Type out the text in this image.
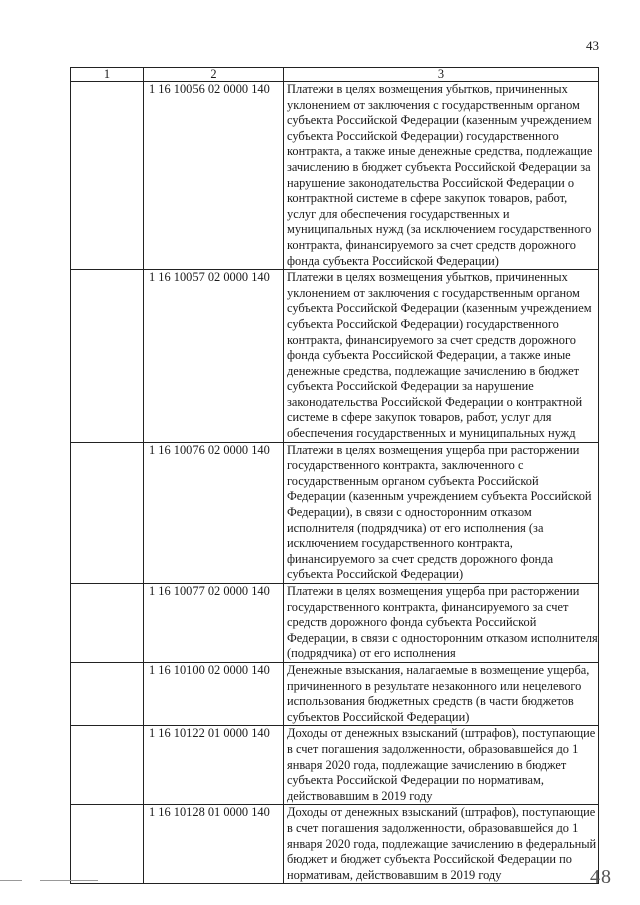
43
1	2	3
	1 16 10056 02 0000 140	Платежи в целях возмещения убытков, причиненных уклонением от заключения с государственным органом субъекта Российской Федерации (казенным учреждением субъекта Российской Федерации) государственного контракта, а также иные денежные средства, подлежащие зачислению в бюджет субъекта Российской Федерации за нарушение законодательства Российской Федерации о контрактной системе в сфере закупок товаров, работ, услуг для обеспечения государственных и муниципальных нужд (за исключением государственного контракта, финансируемого за счет средств дорожного фонда субъекта Российской Федерации)
	1 16 10057 02 0000 140	Платежи в целях возмещения убытков, причиненных уклонением от заключения с государственным органом субъекта Российской Федерации (казенным учреждением субъекта Российской Федерации) государственного контракта, финансируемого за счет средств дорожного фонда субъекта Российской Федерации, а также иные денежные средства, подлежащие зачислению в бюджет субъекта Российской Федерации за нарушение законодательства Российской Федерации о контрактной системе в сфере закупок товаров, работ, услуг для обеспечения государственных и муниципальных нужд
	1 16 10076 02 0000 140	Платежи в целях возмещения ущерба при расторжении государственного контракта, заключенного с государственным органом субъекта Российской Федерации (казенным учреждением субъекта Российской Федерации), в связи с односторонним отказом исполнителя (подрядчика) от его исполнения (за исключением государственного контракта, финансируемого за счет средств дорожного фонда субъекта Российской Федерации)
	1 16 10077 02 0000 140	Платежи в целях возмещения ущерба при расторжении государственного контракта, финансируемого за счет средств дорожного фонда субъекта Российской Федерации, в связи с односторонним отказом исполнителя (подрядчика) от его исполнения
	1 16 10100 02 0000 140	Денежные взыскания, налагаемые в возмещение ущерба, причиненного в результате незаконного или нецелевого использования бюджетных средств (в части бюджетов субъектов Российской Федерации)
	1 16 10122 01 0000 140	Доходы от денежных взысканий (штрафов), поступающие в счет погашения задолженности, образовавшейся до 1 января 2020 года, подлежащие зачислению в бюджет субъекта Российской Федерации по нормативам, действовавшим в 2019 году
	1 16 10128 01 0000 140	Доходы от денежных взысканий (штрафов), поступающие в счет погашения задолженности, образовавшейся до 1 января 2020 года, подлежащие зачислению в федеральный бюджет и бюджет субъекта Российской Федерации по нормативам, действовавшим в 2019 году	48
